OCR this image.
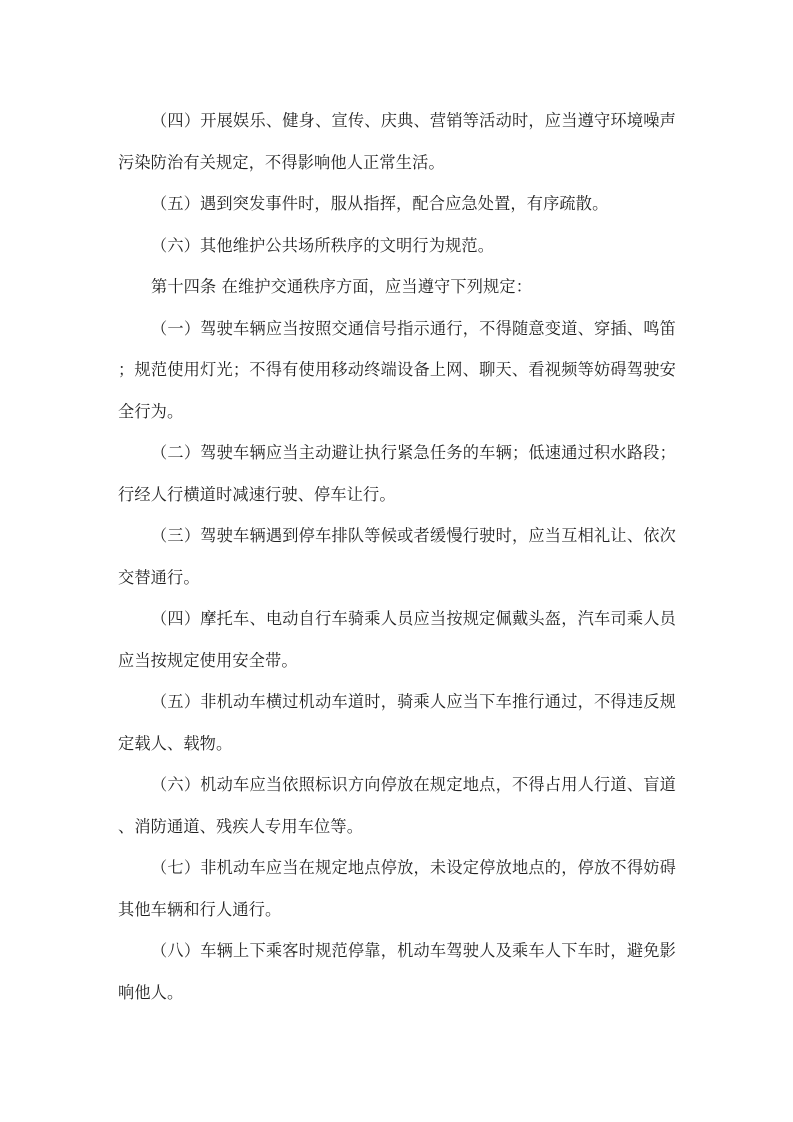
（四）开展娱乐、健身、宣传、庆典、营销等活动时，应当遵守环境噪声污染防治有关规定，不得影响他人正常生活。

（五）遇到突发事件时，服从指挥，配合应急处置，有序疏散。

（六）其他维护公共场所秩序的文明行为规范。

第十四条 在维护交通秩序方面，应当遵守下列规定：

（一）驾驶车辆应当按照交通信号指示通行，不得随意变道、穿插、鸣笛；规范使用灯光；不得有使用移动终端设备上网、聊天、看视频等妨碍驾驶安全行为。

（二）驾驶车辆应当主动避让执行紧急任务的车辆；低速通过积水路段；行经人行横道时减速行驶、停车让行。

（三）驾驶车辆遇到停车排队等候或者缓慢行驶时，应当互相礼让、依次交替通行。

（四）摩托车、电动自行车骑乘人员应当按规定佩戴头盔，汽车司乘人员应当按规定使用安全带。

（五）非机动车横过机动车道时，骑乘人应当下车推行通过，不得违反规定载人、载物。

（六）机动车应当依照标识方向停放在规定地点，不得占用人行道、盲道、消防通道、残疾人专用车位等。

（七）非机动车应当在规定地点停放，未设定停放地点的，停放不得妨碍其他车辆和行人通行。

（八）车辆上下乘客时规范停靠，机动车驾驶人及乘车人下车时，避免影响他人。
